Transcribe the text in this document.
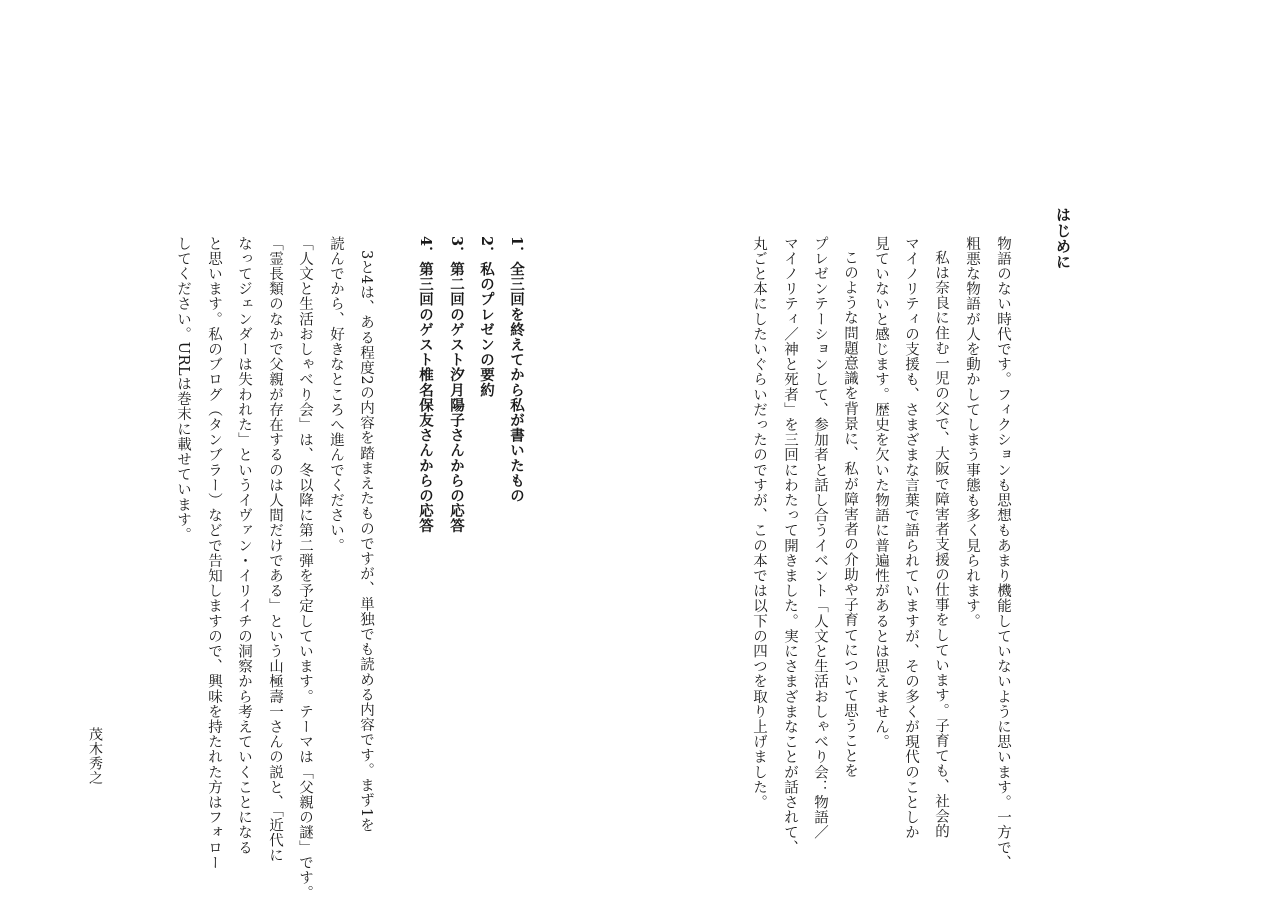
はじめに
物語のない時代です。フィクションも思想もあまり機能していないように思います。一方で、
粗悪な物語が人を動かしてしまう事態も多く見られます。
私は奈良に住む一児の父で、大阪で障害者支援の仕事をしています。子育ても、社会的
マイノリティの支援も、さまざまな言葉で語られていますが、その多くが現代のことしか
見ていないと感じます。歴史を欠いた物語に普遍性があるとは思えません。
このような問題意識を背景に、私が障害者の介助や子育てについて思うことを
プレゼンテーションして、参加者と話し合うイベント「人文と生活おしゃべり会：物語／
マイノリティ／神と死者」を三回にわたって開きました。実にさまざまなことが話されて、
丸ごと本にしたいぐらいだったのですが、この本では以下の四つを取り上げました。
1．全三回を終えてから私が書いたもの
2．私のプレゼンの要約
3．第二回のゲスト汐月陽子さんからの応答
4．第三回のゲスト椎名保友さんからの応答
3と4は、ある程度2の内容を踏まえたものですが、単独でも読める内容です。まず1を
読んでから、好きなところへ進んでください。
「人文と生活おしゃべり会」は、冬以降に第二弾を予定しています。テーマは「父親の謎」です。
「霊長類のなかで父親が存在するのは人間だけである」という山極壽一さんの説と、「近代に
なってジェンダーは失われた」というイヴァン・イリイチの洞察から考えていくことになる
と思います。私のブログ（タンブラー）などで告知しますので、興味を持たれた方はフォロー
してください。URLは巻末に載せています。
茂木秀之
